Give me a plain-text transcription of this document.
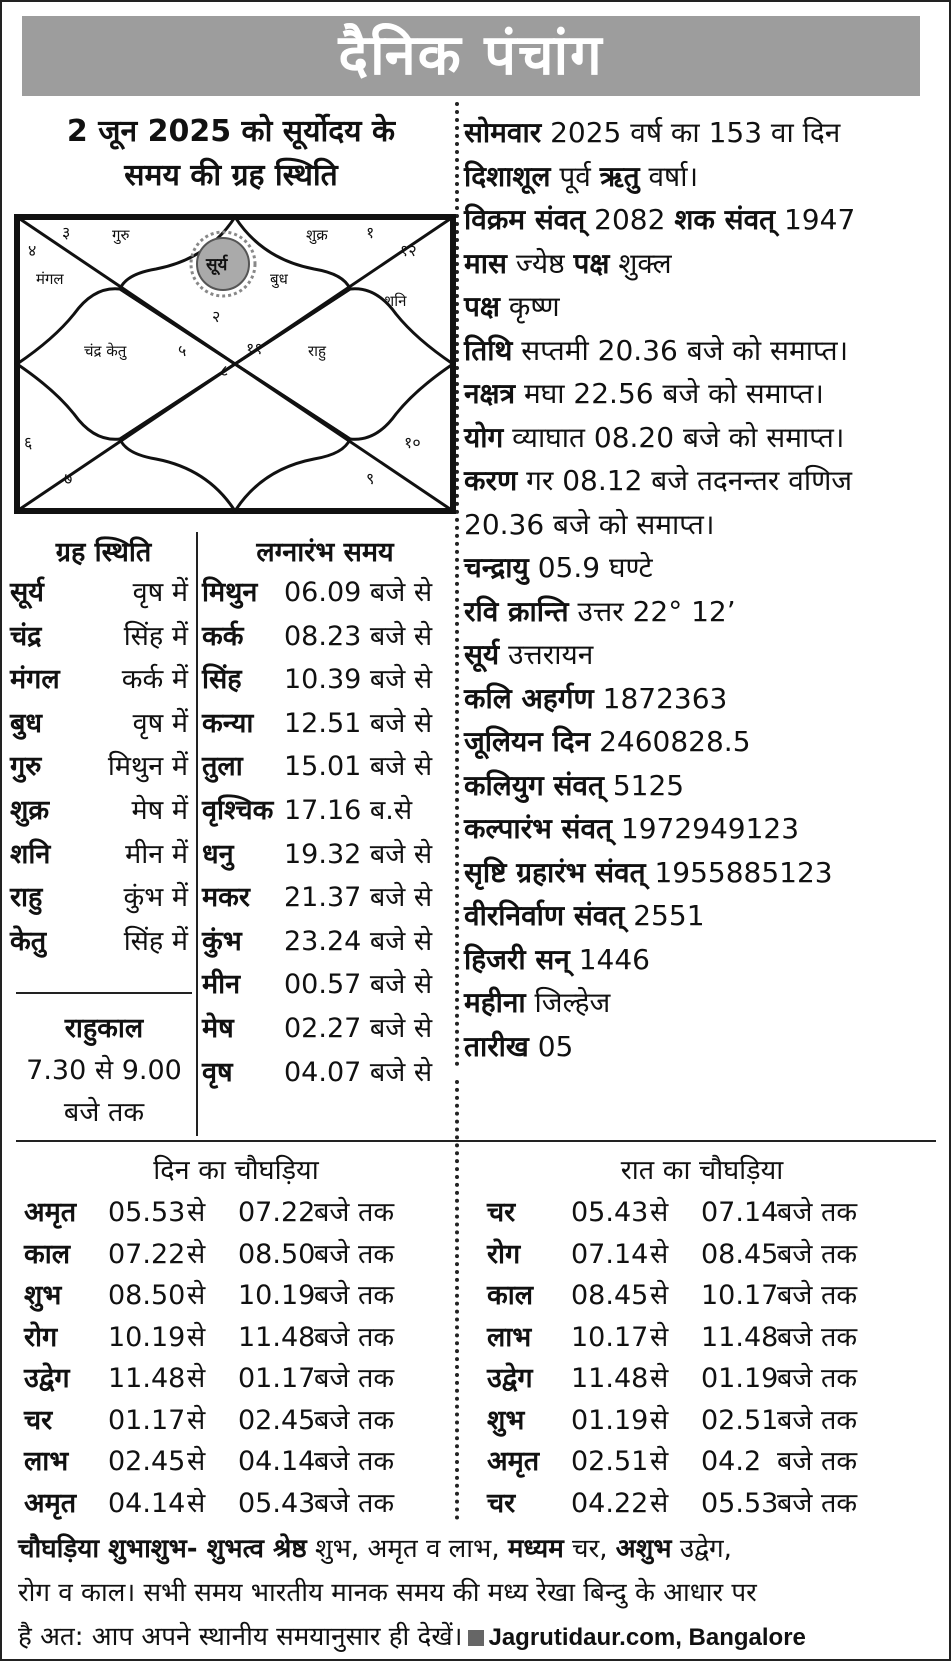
दैनिक पंचांग
2 जून 2025 को सूर्योदय के
समय की ग्रह स्थिति
३
४
गुरु	शुक्र १
१२
सूर्य
बुध
मंगल
शनि
२
चंद्र केतु	५	११	राहु
८
६
७
१०
९
ग्रह स्थिति
सूर्य	वृष में
चंद्र	सिंह में
मंगल कर्क में
बुध	वृष में
गुरु मिथुन में
शुक्र	मेष में
शनि	मीन में
राहु	कुंभ में
केतु	सिंह में
राहुकाल
7.30 से 9.00
बजे तक
लग्नारंभ समय
मिथुन 06.09 बजे से
कर्क 08.23 बजे से
सिंह 10.39 बजे से
कन्या 12.51 बजे से
तुला 15.01 बजे से
वृश्चिक 17.16 ब.से
धनु 19.32 बजे से
मकर 21.37 बजे से
कुंभ 23.24 बजे से
मीन 00.57 बजे से
मेष 02.27 बजे से
वृष 04.07 बजे से
सोमवार 2025 वर्ष का 153 वा दिन
दिशाशूल पूर्व ऋतु वर्षा।
विक्रम संवत् 2082 शक संवत् 1947
मास ज्येष्ठ पक्ष शुक्ल
पक्ष कृष्ण
तिथि सप्तमी 20.36 बजे को समाप्त।
नक्षत्र मघा 22.56 बजे को समाप्त।
योग व्याघात 08.20 बजे को समाप्त।
करण गर 08.12 बजे तदनन्तर वणिज
20.36 बजे को समाप्त।
चन्द्रायु 05.9 घण्टे
रवि क्रान्ति उत्तर 22° 12’
सूर्य उत्तरायन
कलि अहर्गण 1872363
जूलियन दिन 2460828.5
कलियुग संवत् 5125
कल्पारंभ संवत् 1972949123
सृष्टि ग्रहारंभ संवत् 1955885123
वीरनिर्वाण संवत् 2551
हिजरी सन् 1446
महीना जिल्हेज
तारीख 05
दिन का चौघड़िया	रात का चौघड़िया
अमृत 05.53 से 07.22
बजे तक
काल 07.22 से 08.50
बजे तक
शुभ 08.50 से 10.19
बजे तक
रोग 10.19 से 11.48
बजे तक
उद्वेग 11.48 से 01.17
बजे तक
चर 01.17 से 02.45
बजे तक
लाभ 02.45 से 04.14
बजे तक
अमृत 04.14 से 05.43
बजे तक
चर 05.43 से 07.14
बजे तक
रोग 07.14 से 08.45
बजे तक
काल 08.45 से 10.17
बजे तक
लाभ 10.17 से 11.48
बजे तक
उद्वेग 11.48 से 01.19
बजे तक
शुभ 01.19 से 02.51
बजे तक
अमृत 02.51 से 04.2 बजे तक
चर 04.22 से 05.53
बजे तक
चौघड़िया शुभाशुभ- शुभत्व श्रेष्ठ शुभ, अमृत व लाभ, मध्यम चर, अशुभ उद्वेग,
रोग व काल। सभी समय भारतीय मानक समय की मध्य रेखा बिन्दु के आधार पर
है अत: आप अपने स्थानीय समयानुसार ही देखें। Jagrutidaur.com, Bangalore
